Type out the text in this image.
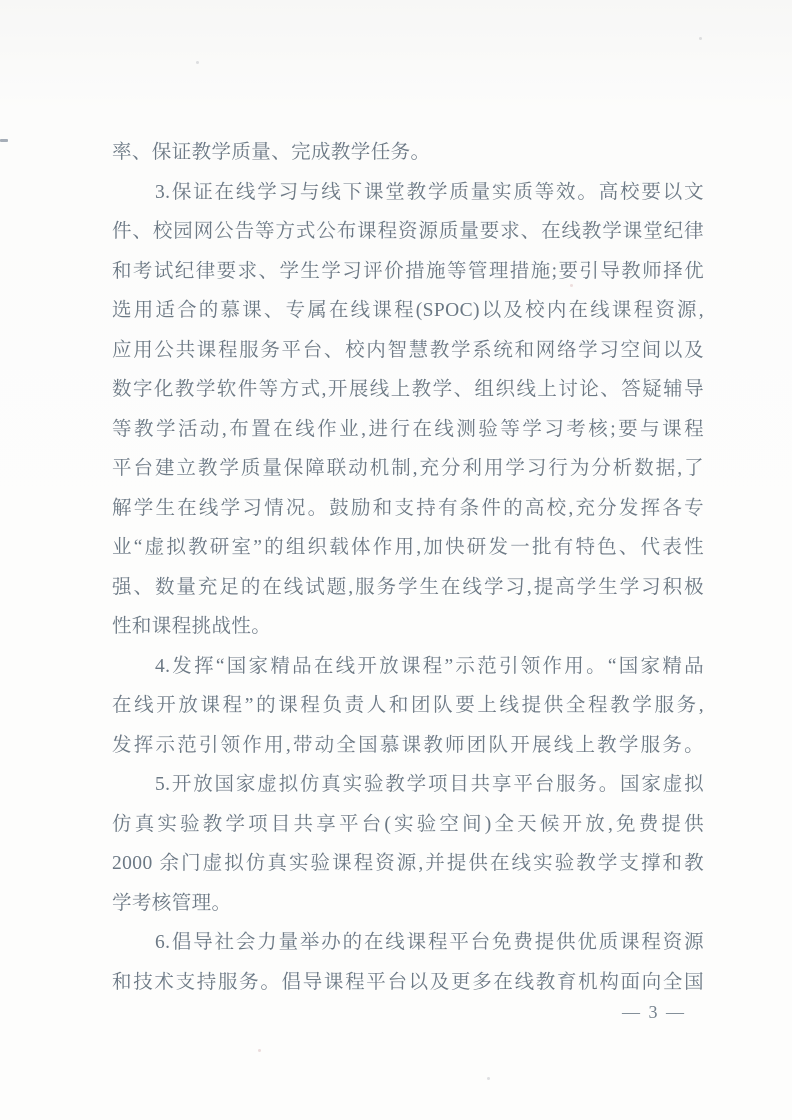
率、保证教学质量、完成教学任务。
3.保证在线学习与线下课堂教学质量实质等效。高校要以文
件、校园网公告等方式公布课程资源质量要求、在线教学课堂纪律
和考试纪律要求、学生学习评价措施等管理措施;要引导教师择优
选用适合的慕课、专属在线课程(SPOC)以及校内在线课程资源,
应用公共课程服务平台、校内智慧教学系统和网络学习空间以及
数字化教学软件等方式,开展线上教学、组织线上讨论、答疑辅导
等教学活动,布置在线作业,进行在线测验等学习考核;要与课程
平台建立教学质量保障联动机制,充分利用学习行为分析数据,了
解学生在线学习情况。鼓励和支持有条件的高校,充分发挥各专
业“虚拟教研室”的组织载体作用,加快研发一批有特色、代表性
强、数量充足的在线试题,服务学生在线学习,提高学生学习积极
性和课程挑战性。
4.发挥“国家精品在线开放课程”示范引领作用。“国家精品
在线开放课程”的课程负责人和团队要上线提供全程教学服务,
发挥示范引领作用,带动全国慕课教师团队开展线上教学服务。
5.开放国家虚拟仿真实验教学项目共享平台服务。国家虚拟
仿真实验教学项目共享平台(实验空间)全天候开放,免费提供
2000 余门虚拟仿真实验课程资源,并提供在线实验教学支撑和教
学考核管理。
6.倡导社会力量举办的在线课程平台免费提供优质课程资源
和技术支持服务。倡导课程平台以及更多在线教育机构面向全国
— 3 —
